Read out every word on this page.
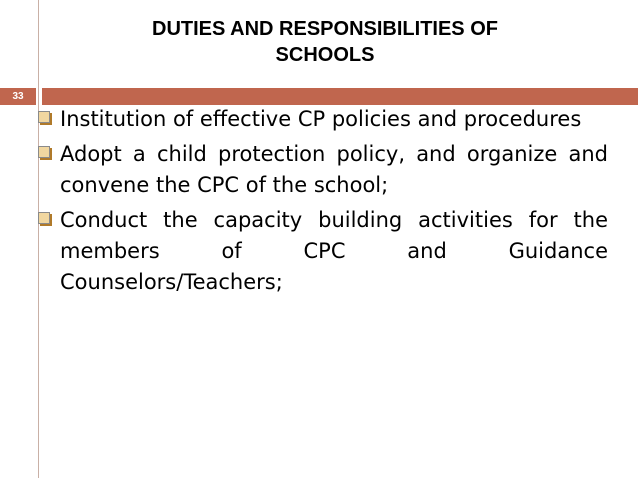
DUTIES AND RESPONSIBILITIES OF
SCHOOLS
33
Institution of effective CP policies and procedures
Adopt a child protection policy, and organize and convene the CPC of the school;
Conduct the capacity building activities for the members of CPC and Guidance Counselors/Teachers;
